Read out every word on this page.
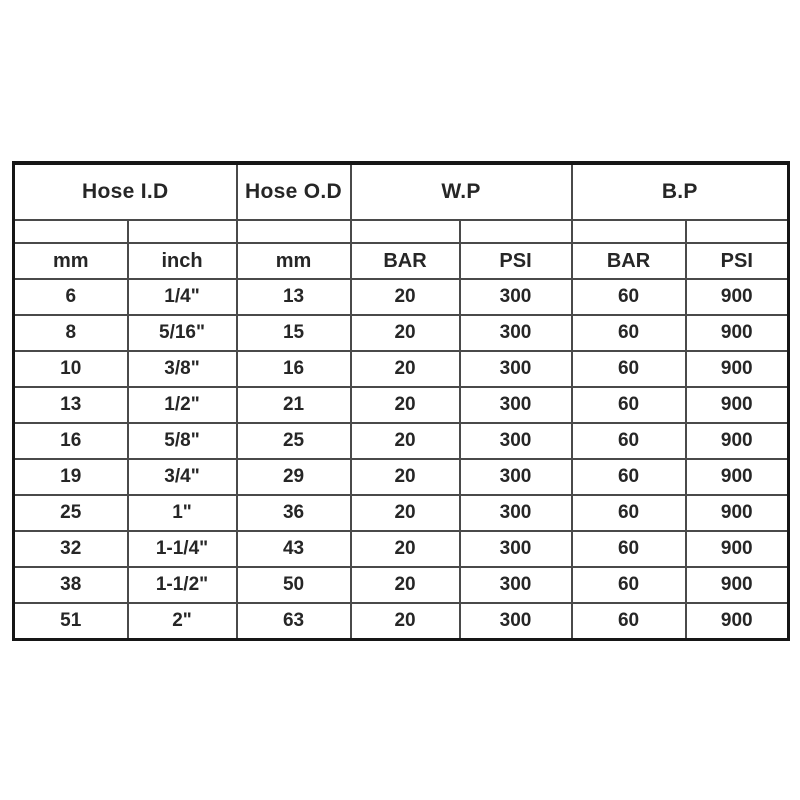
Hose I.D		Hose O.D	W.P		B.P	

mm	inch	mm	BAR	PSI	BAR	PSI
6	1/4"	13	20	300	60	900
8	5/16"	15	20	300	60	900
10	3/8"	16	20	300	60	900
13	1/2"	21	20	300	60	900
16	5/8"	25	20	300	60	900
19	3/4"	29	20	300	60	900
25	1"	36	20	300	60	900
32	1-1/4"	43	20	300	60	900
38	1-1/2"	50	20	300	60	900
51	2"	63	20	300	60	900
